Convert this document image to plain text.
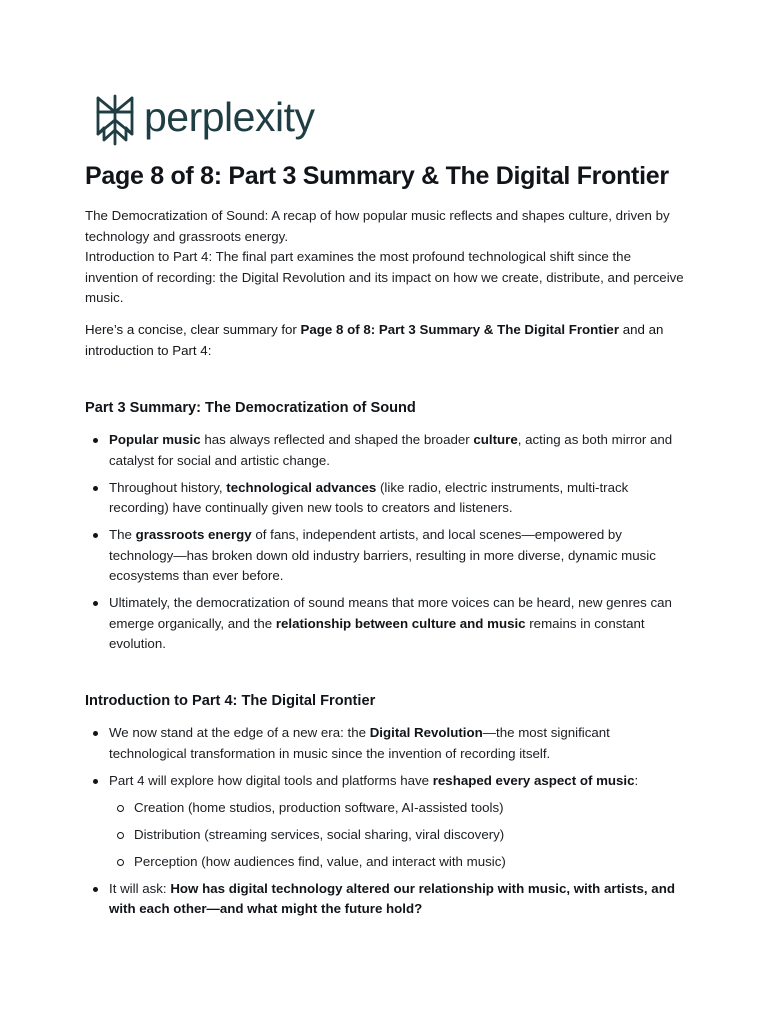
perplexity
Page 8 of 8: Part 3 Summary & The Digital Frontier

The Democratization of Sound: A recap of how popular music reflects and shapes culture, driven by technology and grassroots energy.

Introduction to Part 4: The final part examines the most profound technological shift since the invention of recording: the Digital Revolution and its impact on how we create, distribute, and perceive music.

Here’s a concise, clear summary for Page 8 of 8: Part 3 Summary & The Digital Frontier and an introduction to Part 4:

Part 3 Summary: The Democratization of Sound
Popular music has always reflected and shaped the broader culture, acting as both mirror and catalyst for social and artistic change.
Throughout history, technological advances (like radio, electric instruments, multi-track recording) have continually given new tools to creators and listeners.
The grassroots energy of fans, independent artists, and local scenes—empowered by technology—has broken down old industry barriers, resulting in more diverse, dynamic music ecosystems than ever before.
Ultimately, the democratization of sound means that more voices can be heard, new genres can emerge organically, and the relationship between culture and music remains in constant evolution.
Introduction to Part 4: The Digital Frontier
We now stand at the edge of a new era: the Digital Revolution—the most significant technological transformation in music since the invention of recording itself.
Part 4 will explore how digital tools and platforms have reshaped every aspect of music:
Creation (home studios, production software, AI-assisted tools)
Distribution (streaming services, social sharing, viral discovery)
Perception (how audiences find, value, and interact with music)
It will ask: How has digital technology altered our relationship with music, with artists, and with each other—and what might the future hold?
